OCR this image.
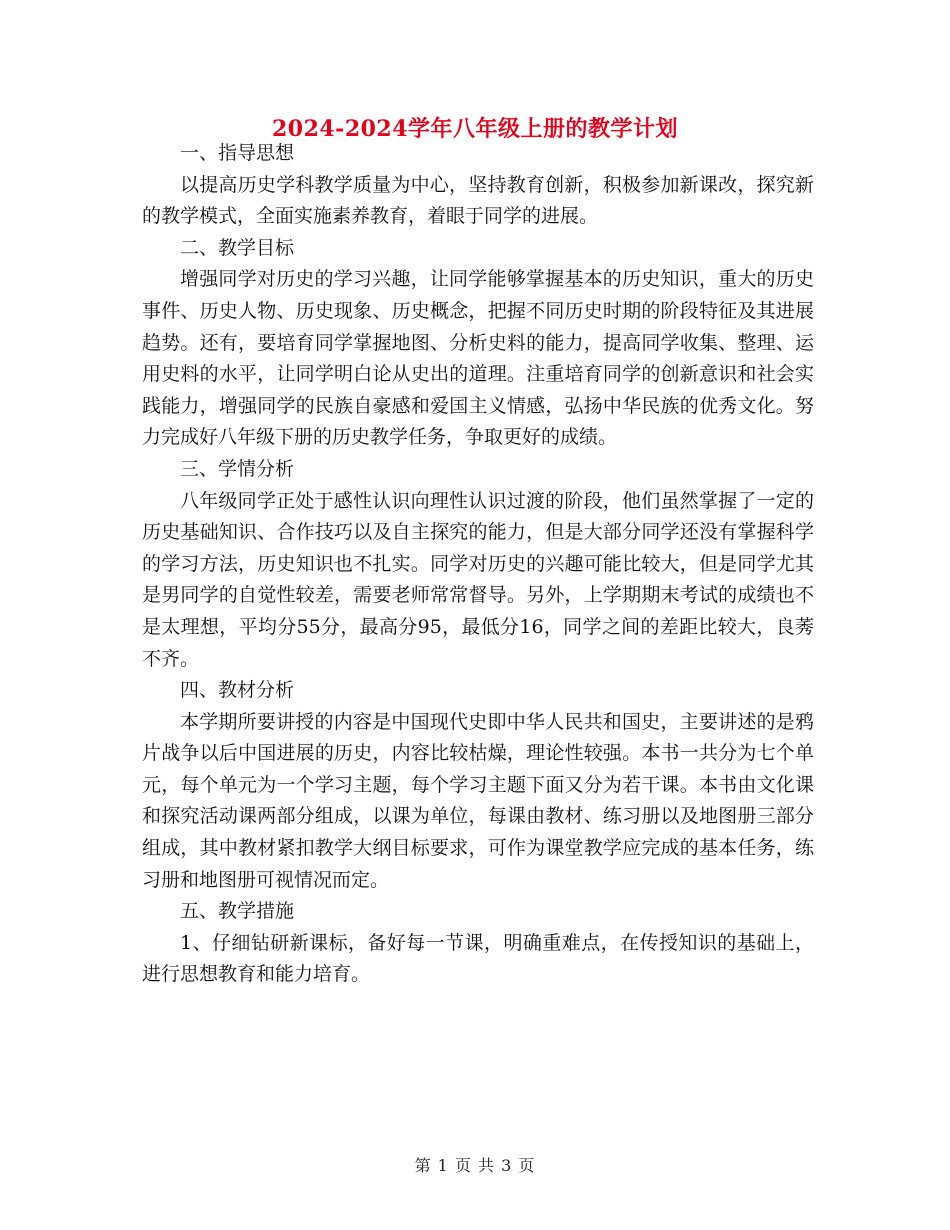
2024-2024学年八年级上册的教学计划

一、指导思想

以提高历史学科教学质量为中心，坚持教育创新，积极参加新课改，探究新 的教学模式，全面实施素养教育，着眼于同学的进展。

二、教学目标

增强同学对历史的学习兴趣，让同学能够掌握基本的历史知识，重大的历史事件、历史人物、历史现象、历史概念，把握不同历史时期的阶段特征及其进展趋势。还有，要培育同学掌握地图、分析史料的能力，提高同学收集、整理、运用史料的水平，让同学明白论从史出的道理。注重培育同学的创新意识和社会实践能力，增强同学的民族自豪感和爱国主义情感，弘扬中华民族的优秀文化。努力完成好八年级下册的历史教学任务，争取更好的成绩。

三、学情分析

八年级同学正处于感性认识向理性认识过渡的阶段，他们虽然掌握了一定的历史基础知识、合作技巧以及自主探究的能力，但是大部分同学还没有掌握科学的学习方法，历史知识也不扎实。同学对历史的兴趣可能比较大，但是同学尤其是男同学的自觉性较差，需要老师常常督导。另外，上学期期末考试的成绩也不是太理想，平均分55分，最高分95，最低分16，同学之间的差距比较大，良莠不齐。

四、教材分析

本学期所要讲授的内容是中国现代史即中华人民共和国史，主要讲述的是鸦片战争以后中国进展的历史，内容比较枯燥，理论性较强。本书一共分为七个单元，每个单元为一个学习主题，每个学习主题下面又分为若干课。本书由文化课和探究活动课两部分组成，以课为单位，每课由教材、练习册以及地图册三部分组成，其中教材紧扣教学大纲目标要求，可作为课堂教学应完成的基本任务，练习册和地图册可视情况而定。

五、教学措施

1、仔细钻研新课标，备好每一节课，明确重难点，在传授知识的基础上，进行思想教育和能力培育。

第 1 页 共 3 页
